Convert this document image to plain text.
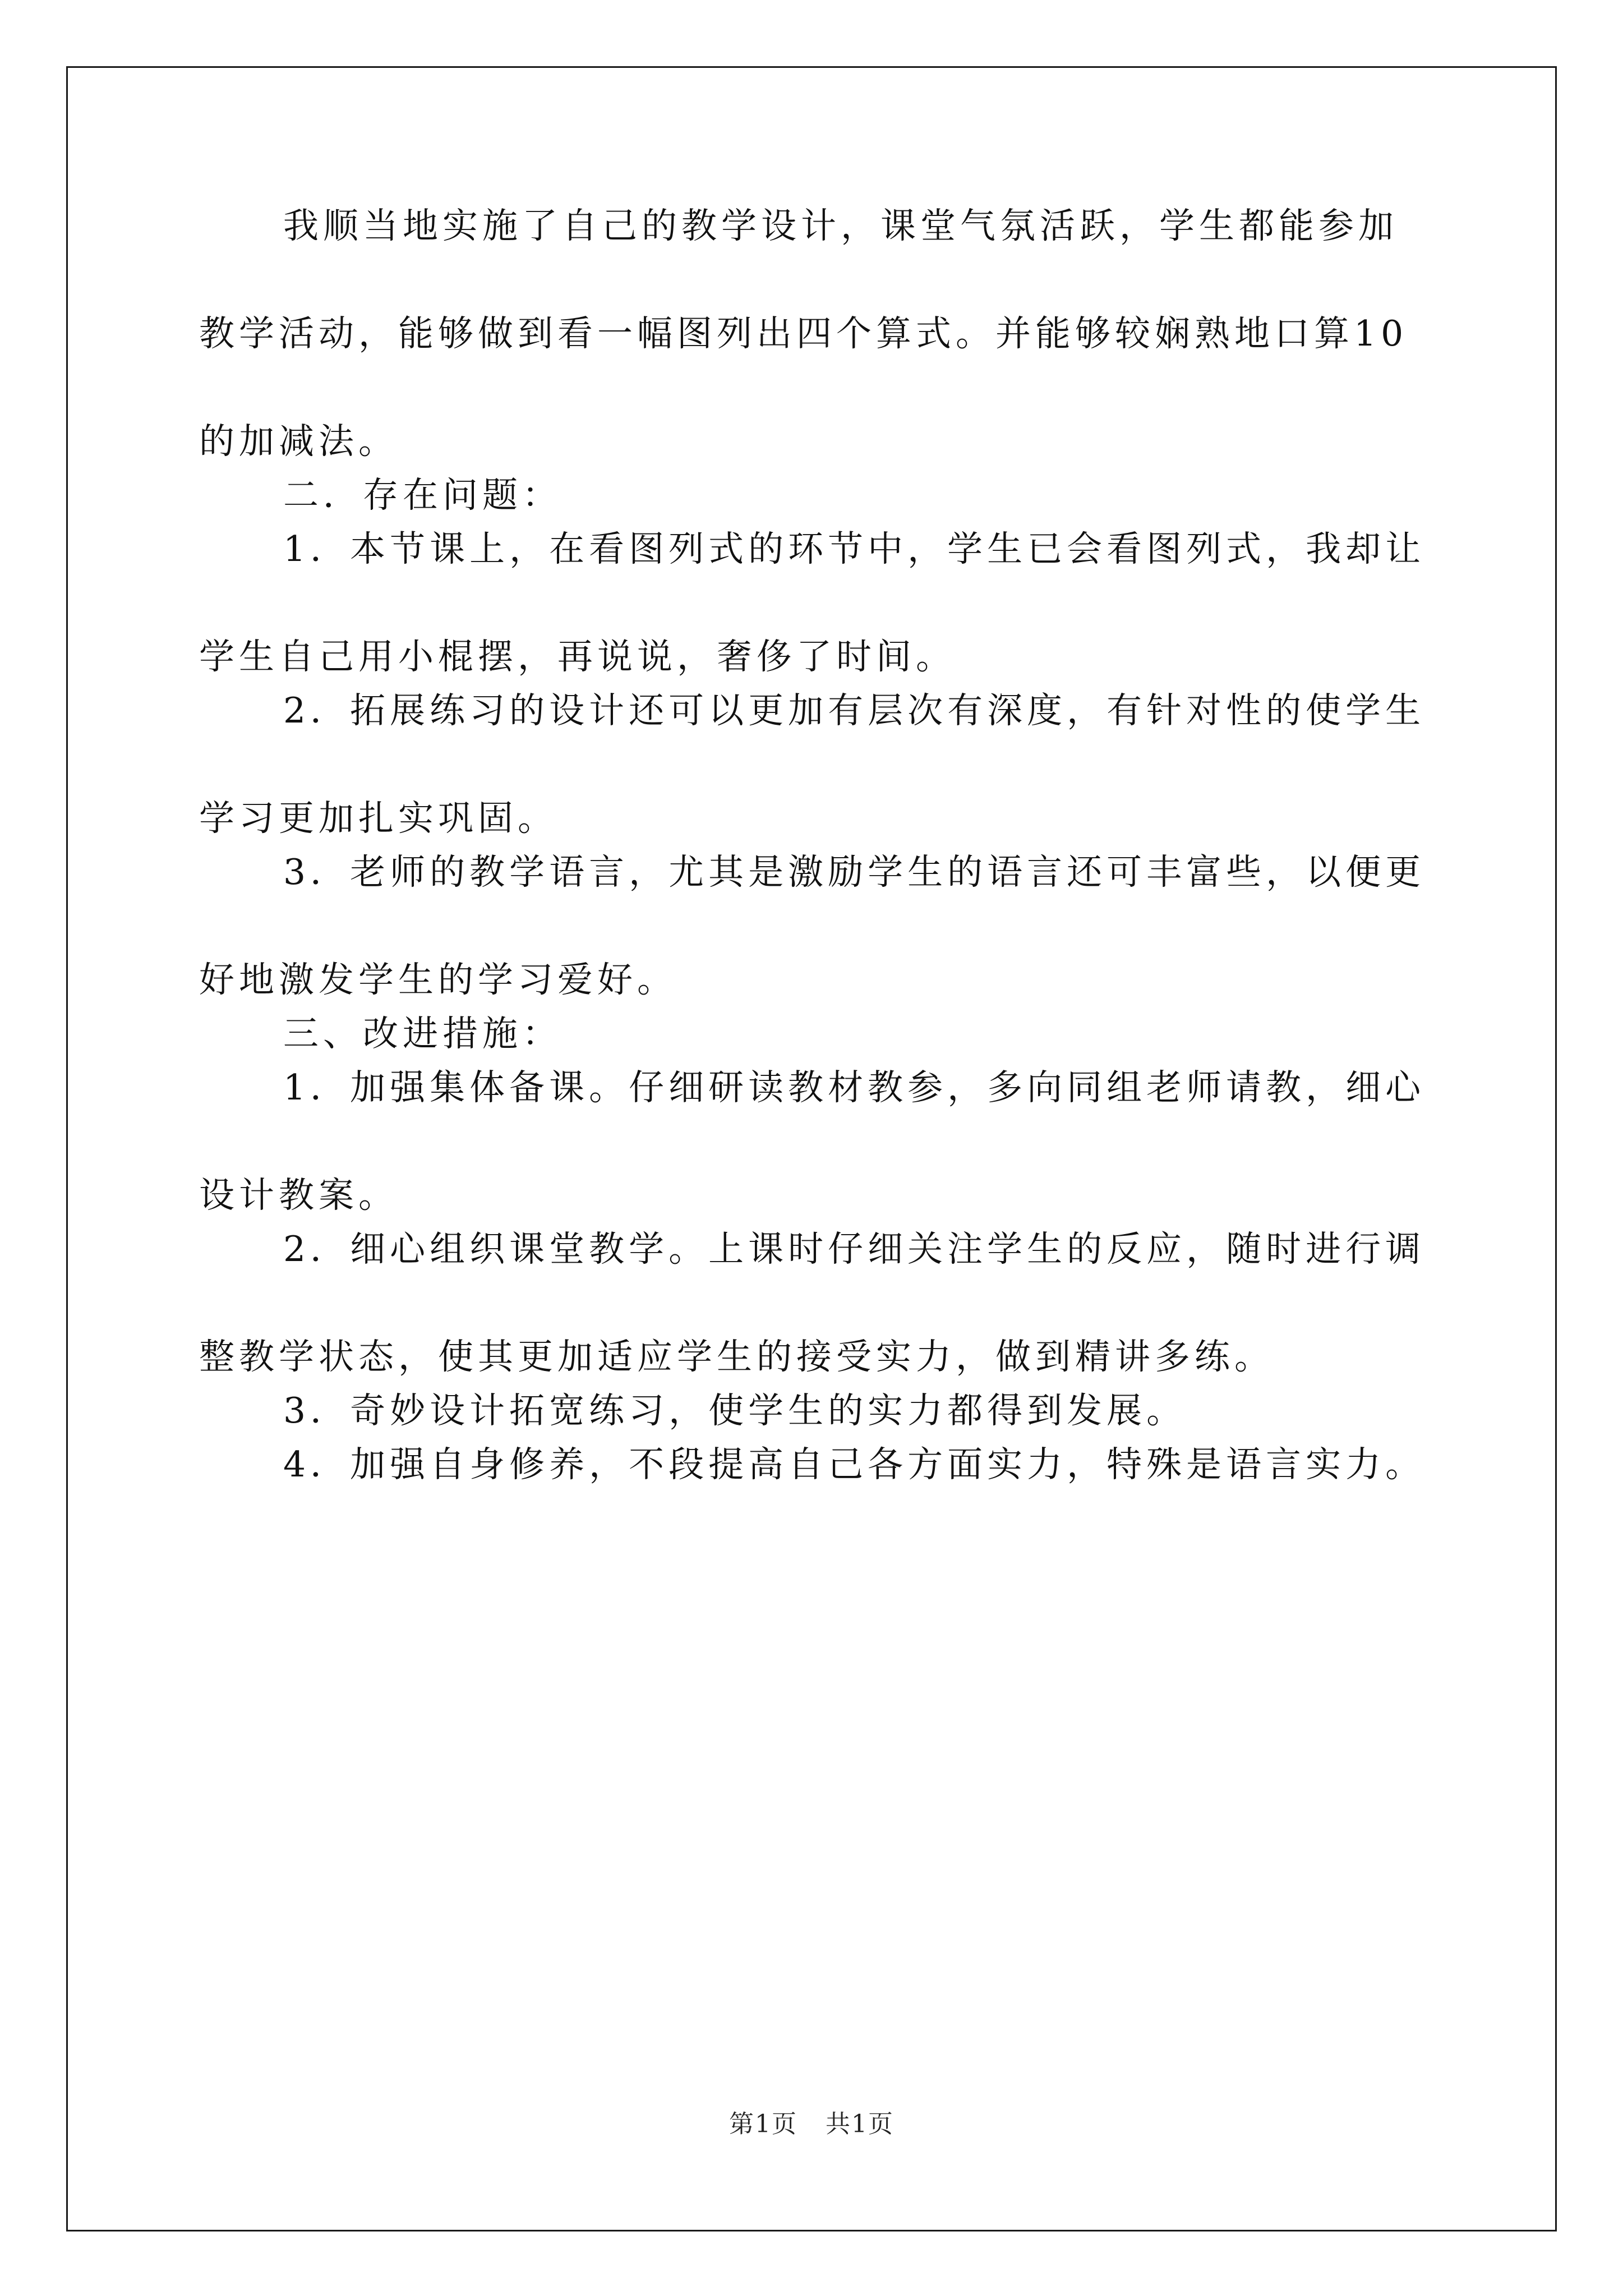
我顺当地实施了自己的教学设计，课堂气氛活跃，学生都能参加
教学活动，能够做到看一幅图列出四个算式。并能够较娴熟地口算10
的加减法。
二．存在问题：
1．本节课上，在看图列式的环节中，学生已会看图列式，我却让
学生自己用小棍摆，再说说，奢侈了时间。
2．拓展练习的设计还可以更加有层次有深度，有针对性的使学生
学习更加扎实巩固。
3．老师的教学语言，尤其是激励学生的语言还可丰富些，以便更
好地激发学生的学习爱好。
三、改进措施：
1．加强集体备课。仔细研读教材教参，多向同组老师请教，细心
设计教案。
2．细心组织课堂教学。上课时仔细关注学生的反应，随时进行调
整教学状态，使其更加适应学生的接受实力，做到精讲多练。
3．奇妙设计拓宽练习，使学生的实力都得到发展。
4．加强自身修养，不段提高自己各方面实力，特殊是语言实力。
第1页 共1页
